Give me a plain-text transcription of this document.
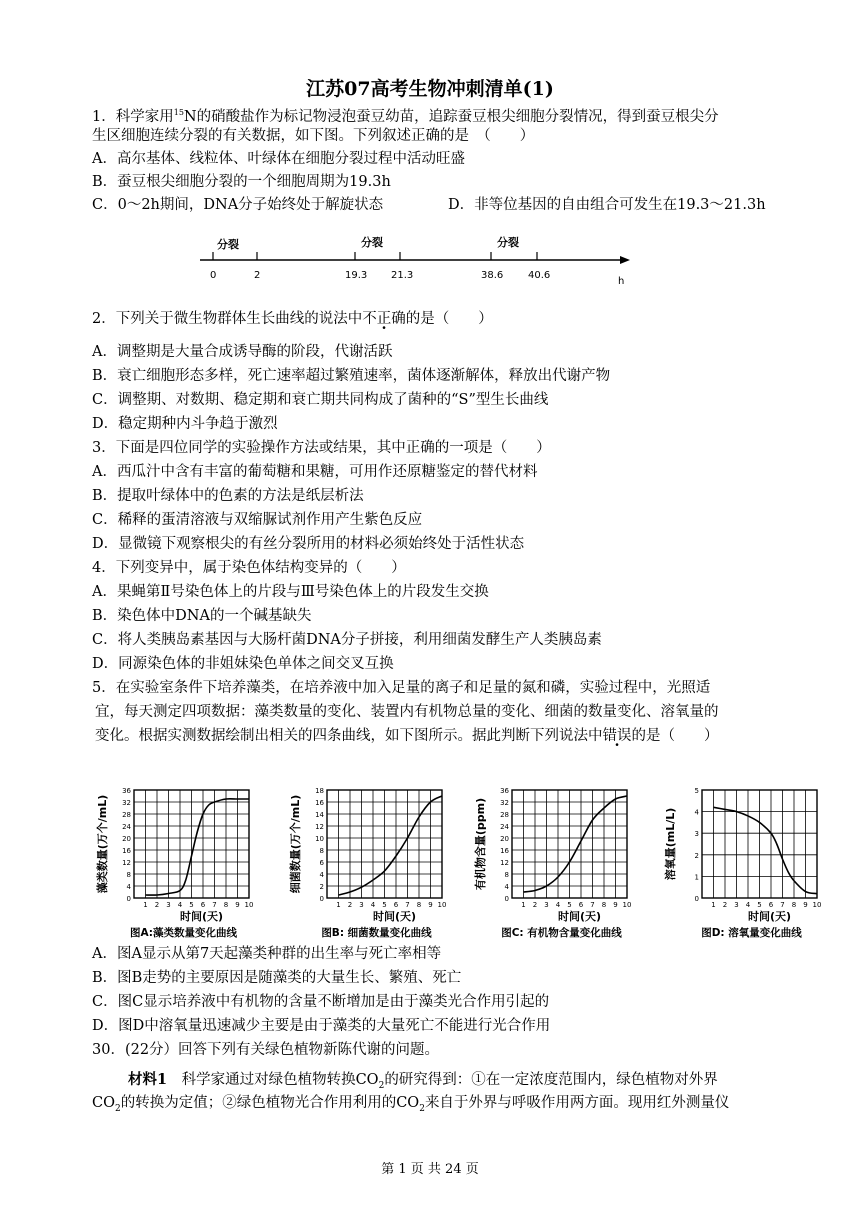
江苏07高考生物冲刺清单(1)
1．科学家用$^{15}$N的硝酸盐作为标记物浸泡蚕豆幼苗，追踪蚕豆根尖细胞分裂情况，得到蚕豆根尖分
生区细胞连续分裂的有关数据，如下图。下列叙述正确的是　（　　）
A．高尔基体、线粒体、叶绿体在细胞分裂过程中活动旺盛
B．蚕豆根尖细胞分裂的一个细胞周期为19.3h
C．0～2h期间，DNA分子始终处于解旋状态	D．非等位基因的自由组合可发生在19.3～21.3h
分裂	分裂	分裂
0	2	19.3 21.3	38.6 40.6
h
2．下列关于微生物群体生长曲线的说法中不正确的是（　　）
A．调整期是大量合成诱导酶的阶段，代谢活跃
B．衰亡细胞形态多样，死亡速率超过繁殖速率，菌体逐渐解体，释放出代谢产物
C．调整期、对数期、稳定期和衰亡期共同构成了菌种的“S”型生长曲线
D．稳定期种内斗争趋于激烈
3．下面是四位同学的实验操作方法或结果，其中正确的一项是（　　）
A．西瓜汁中含有丰富的葡萄糖和果糖，可用作还原糖鉴定的替代材料
B．提取叶绿体中的色素的方法是纸层析法
C．稀释的蛋清溶液与双缩脲试剂作用产生紫色反应
D．显微镜下观察根尖的有丝分裂所用的材料必须始终处于活性状态
4．下列变异中，属于染色体结构变异的（　　）
A．果蝇第Ⅱ号染色体上的片段与Ⅲ号染色体上的片段发生交换
B．染色体中DNA的一个碱基缺失
C．将人类胰岛素基因与大肠杆菌DNA分子拼接，利用细菌发酵生产人类胰岛素
D．同源染色体的非姐妹染色单体之间交叉互换
5．在实验室条件下培养藻类，在培养液中加入足量的离子和足量的氮和磷，实验过程中，光照适
宜，每天测定四项数据：藻类数量的变化、装置内有机物总量的变化、细菌的数量变化、溶氧量的
变化。根据实测数据绘制出相关的四条曲线，如下图所示。据此判断下列说法中错误的是（　　）
0
4
8
12
16
20
24
28
32
36
1 2 3 4 5 6 7 8 9 10
藻类数量(万个/mL)
时间(天)
图A:藻类数量变化曲线
0
2
4
6
8
10
12
14
16
18
1 2 3 4 5 6 7 8 9 10
细菌数量(万个/mL)
时间(天)
图B: 细菌数量变化曲线
0
4
8
12
16
20
24
28
32
36
1 2 3 4 5 6 7 8 9 10
有机物含量(ppm)
时间(天)
图C: 有机物含量变化曲线
0
1
2
3
4
5
1 2 3 4 5 6 7 8 9 10
溶氧量(mL/L)
时间(天)
图D: 溶氧量变化曲线
A．图A显示从第7天起藻类种群的出生率与死亡率相等
B．图B走势的主要原因是随藻类的大量生长、繁殖、死亡
C．图C显示培养液中有机物的含量不断增加是由于藻类光合作用引起的
D．图D中溶氧量迅速减少主要是由于藻类的大量死亡不能进行光合作用
30．(22分）回答下列有关绿色植物新陈代谢的问题。
材料1　 科学家通过对绿色植物转换$CO_2$的研究得到：①在一定浓度范围内，绿色植物对外界
$CO_2$的转换为定值；②绿色植物光合作用利用的$CO_2$来自于外界与呼吸作用两方面。现用红外测量仪
第 1 页 共 24 页
